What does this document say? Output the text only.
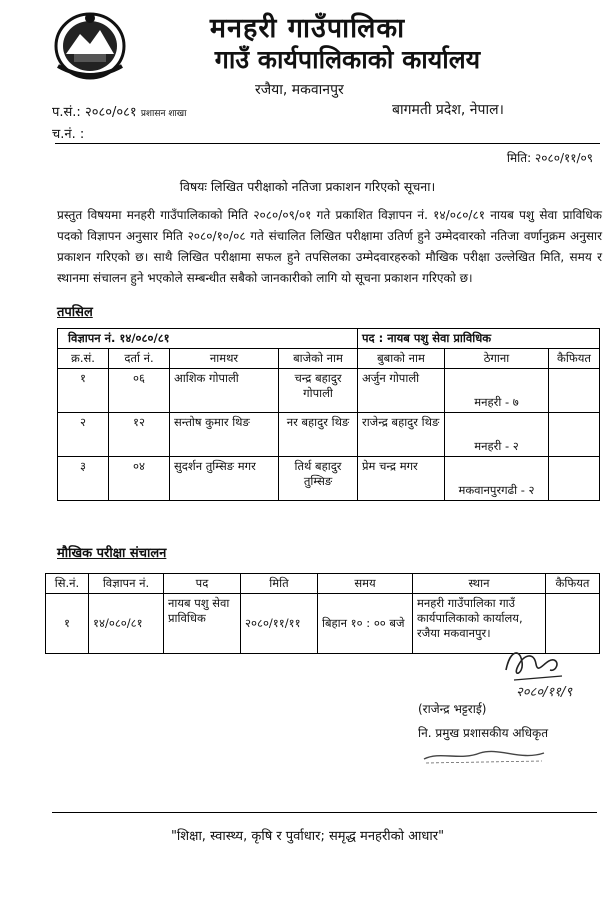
मनहरी गाउँपालिका
गाउँ कार्यपालिकाको कार्यालय
रजैया, मकवानपुर
प.सं.: २०८०/०८१ प्रशासन शाखा
च.नं. :
बागमती प्रदेश, नेपाल।
मिति: २०८०/११/०९
विषयः लिखित परीक्षाको नतिजा प्रकाशन गरिएको सूचना।
प्रस्तुत विषयमा मनहरी गाउँपालिकाको मिति २०८०/०९/०१ गते प्रकाशित विज्ञापन नं. १४/०८०/८१ नायब पशु सेवा प्राविधिक पदको विज्ञापन अनुसार मिति २०८०/१०/०८ गते संचालित लिखित परीक्षामा उतिर्ण हुने उम्मेदवारको नतिजा वर्णानुक्रम अनुसार प्रकाशन गरिएको छ। साथै लिखित परीक्षामा सफल हुने तपसिलका उम्मेदवारहरुको मौखिक परीक्षा उल्लेखित मिति, समय र स्थानमा संचालन हुने भएकोले सम्बन्धीत सबैको जानकारीको लागि यो सूचना प्रकाशन गरिएको छ।
तपसिल
विज्ञापन नं. १४/०८०/८१				पद : नायब पशु सेवा प्राविधिक		
क्र.सं.	दर्ता नं.	नामथर	बाजेको नाम	बुबाको नाम	ठेगाना	कैफियत
१	०६	आशिक गोपाली	चन्द्र बहादुर गोपाली	अर्जुन गोपाली	मनहरी - ७	
२	१२	सन्तोष कुमार थिङ	नर बहादुर थिङ	राजेन्द्र बहादुर थिङ	मनहरी - २	
३	०४	सुदर्शन तुम्सिङ मगर	तिर्थ बहादुर तुम्सिङ	प्रेम चन्द्र मगर	मकवानपुरगढी - २	
मौखिक परीक्षा संचालन
सि.नं.	विज्ञापन नं.	पद	मिति	समय	स्थान	कैफियत
१	१४/०८०/८१	नायब पशु सेवा प्राविधिक	२०८०/११/११	बिहान १० : ०० बजे	मनहरी गाउँपालिका गाउँ कार्यपालिकाको कार्यालय, रजैया मकवानपुर।	
२०८०/११/९
(राजेन्द्र भट्टराई)
नि. प्रमुख प्रशासकीय अधिकृत
"शिक्षा, स्वास्थ्य, कृषि र पुर्वाधार; समृद्ध मनहरीको आधार"
